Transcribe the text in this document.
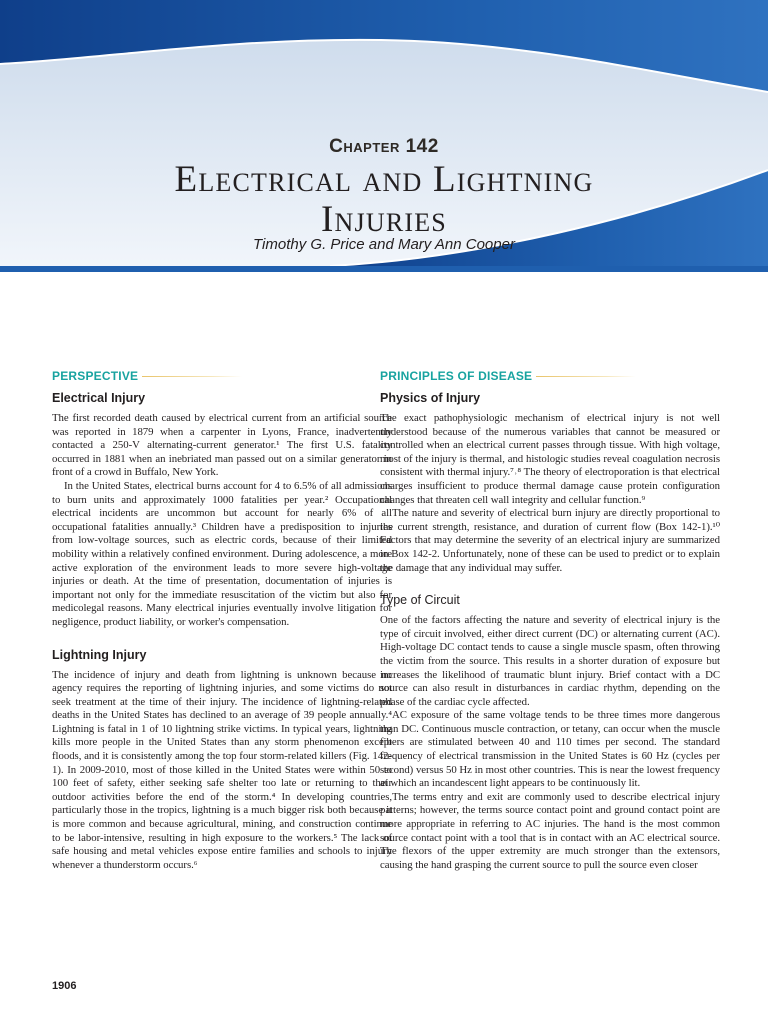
Chapter 142
Electrical and Lightning
Injuries
Timothy G. Price and Mary Ann Cooper
PERSPECTIVE
Electrical Injury

The first recorded death caused by electrical current from an artificial source was reported in 1879 when a carpenter in Lyons, France, inadvertently contacted a 250-V alternating-current generator.¹ The first U.S. fatality occurred in 1881 when an inebriated man passed out on a similar generator in front of a crowd in Buffalo, New York.

In the United States, electrical burns account for 4 to 6.5% of all admissions to burn units and approximately 1000 fatalities per year.² Occupational electrical incidents are uncommon but account for nearly 6% of all occupational fatalities annually.³ Children have a predisposition to injuries from low-voltage sources, such as electric cords, because of their limited mobility within a relatively confined environment. During adolescence, a more active exploration of the environment leads to more severe high-voltage injuries or death. At the time of presentation, documentation of injuries is important not only for the immediate resuscitation of the victim but also for medicolegal reasons. Many electrical injuries eventually involve litigation for negligence, product liability, or worker's compensation.

Lightning Injury

The incidence of injury and death from lightning is unknown because no agency requires the reporting of lightning injuries, and some victims do not seek treatment at the time of their injury. The incidence of lightning-related deaths in the United States has declined to an average of 39 people annually.⁴ Lightning is fatal in 1 of 10 lightning strike victims. In typical years, lightning kills more people in the United States than any storm phenomenon except floods, and it is consistently among the top four storm-related killers (Fig. 142-1). In 2009-2010, most of those killed in the United States were within 50 to 100 feet of safety, either seeking safe shelter too late or returning to their outdoor activities before the end of the storm.⁴ In developing countries, particularly those in the tropics, lightning is a much bigger risk both because it is more common and because agricultural, mining, and construction continue to be labor-intensive, resulting in high exposure to the workers.⁵ The lack of safe housing and metal vehicles expose entire families and schools to injury whenever a thunderstorm occurs.⁶

PRINCIPLES OF DISEASE
Physics of Injury

The exact pathophysiologic mechanism of electrical injury is not well understood because of the numerous variables that cannot be measured or controlled when an electrical current passes through tissue. With high voltage, most of the injury is thermal, and histologic studies reveal coagulation necrosis consistent with thermal injury.⁷˒⁸ The theory of electroporation is that electrical charges insufficient to produce thermal damage cause protein configuration changes that threaten cell wall integrity and cellular function.⁹

The nature and severity of electrical burn injury are directly proportional to the current strength, resistance, and duration of current flow (Box 142-1).¹⁰ Factors that may determine the severity of an electrical injury are summarized in Box 142-2. Unfortunately, none of these can be used to predict or to explain the damage that any individual may suffer.

Type of Circuit

One of the factors affecting the nature and severity of electrical injury is the type of circuit involved, either direct current (DC) or alternating current (AC). High-voltage DC contact tends to cause a single muscle spasm, often throwing the victim from the source. This results in a shorter duration of exposure but increases the likelihood of traumatic blunt injury. Brief contact with a DC source can also result in disturbances in cardiac rhythm, depending on the phase of the cardiac cycle affected.

AC exposure of the same voltage tends to be three times more dangerous than DC. Continuous muscle contraction, or tetany, can occur when the muscle fibers are stimulated between 40 and 110 times per second. The standard frequency of electrical transmission in the United States is 60 Hz (cycles per second) versus 50 Hz in most other countries. This is near the lowest frequency at which an incandescent light appears to be continuously lit.

The terms entry and exit are commonly used to describe electrical injury patterns; however, the terms source contact point and ground contact point are more appropriate in referring to AC injuries. The hand is the most common source contact point with a tool that is in contact with an AC electrical source. The flexors of the upper extremity are much stronger than the extensors, causing the hand grasping the current source to pull the source even closer

1906
